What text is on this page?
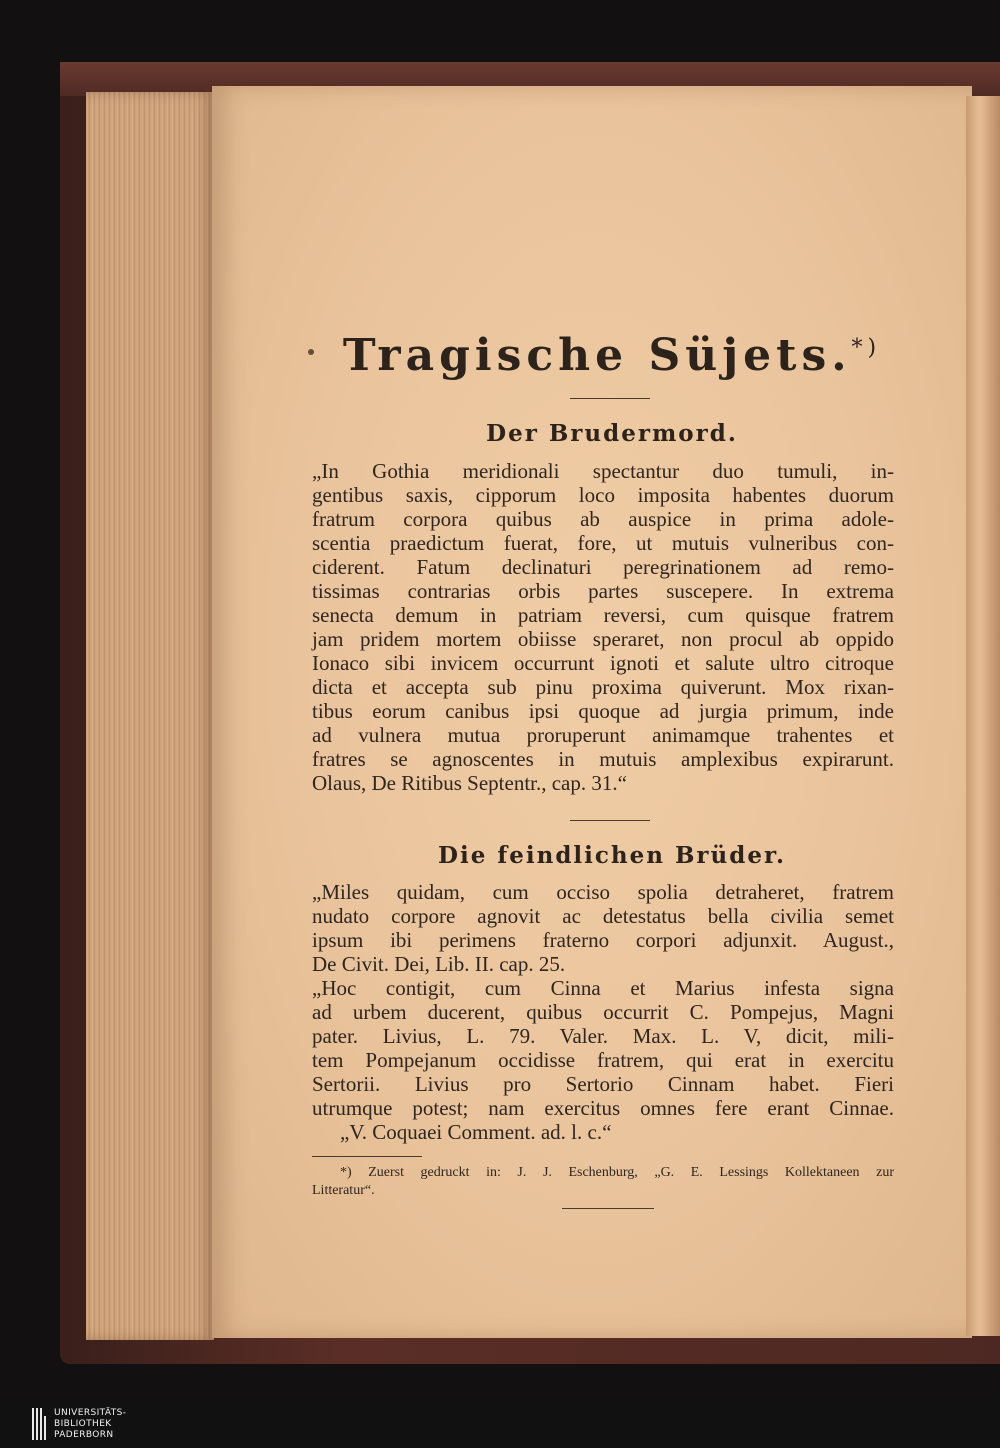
Tragische Süjets.*)
Der Brudermord.
„In Gothia meridionali spectantur duo tumuli, in-
gentibus saxis, cipporum loco imposita habentes duorum
fratrum corpora quibus ab auspice in prima adole-
scentia praedictum fuerat, fore, ut mutuis vulneribus con-
ciderent. Fatum declinaturi peregrinationem ad remo-
tissimas contrarias orbis partes suscepere. In extrema
senecta demum in patriam reversi, cum quisque fratrem
jam pridem mortem obiisse speraret, non procul ab oppido
Ionaco sibi invicem occurrunt ignoti et salute ultro citroque
dicta et accepta sub pinu proxima quiverunt. Mox rixan-
tibus eorum canibus ipsi quoque ad jurgia primum, inde
ad vulnera mutua proruperunt animamque trahentes et
fratres se agnoscentes in mutuis amplexibus expirarunt.
Olaus, De Ritibus Septentr., cap. 31.“
Die feindlichen Brüder.
„Miles quidam, cum occiso spolia detraheret, fratrem
nudato corpore agnovit ac detestatus bella civilia semet
ipsum ibi perimens fraterno corpori adjunxit. August.,
De Civit. Dei, Lib. II. cap. 25.
„Hoc contigit, cum Cinna et Marius infesta signa
ad urbem ducerent, quibus occurrit C. Pompejus, Magni
pater. Livius, L. 79. Valer. Max. L. V, dicit, mili-
tem Pompejanum occidisse fratrem, qui erat in exercitu
Sertorii. Livius pro Sertorio Cinnam habet. Fieri
utrumque potest; nam exercitus omnes fere erant Cinnae.
„V. Coquaei Comment. ad. l. c.“
*) Zuerst gedruckt in: J. J. Eschenburg, „G. E. Lessings Kollektaneen zur
Litteratur“.
UNIVERSITÄTS-
BIBLIOTHEK
PADERBORN
